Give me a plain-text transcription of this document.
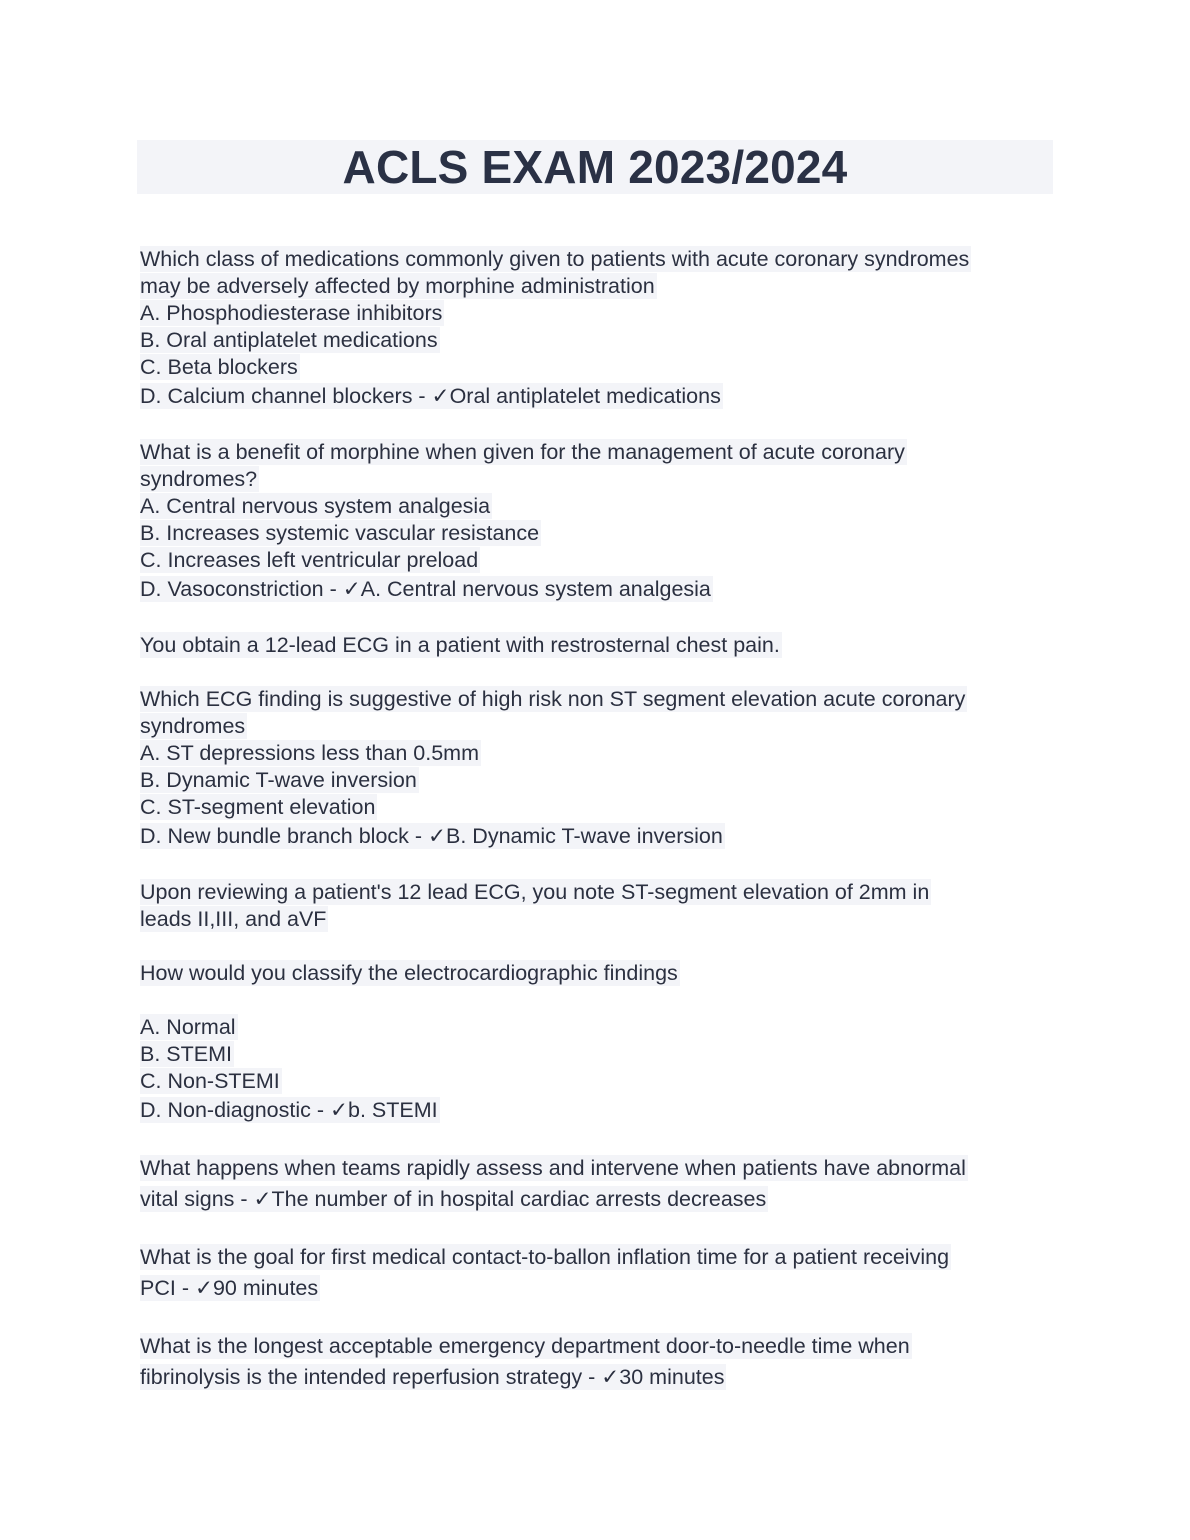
ACLS EXAM 2023/2024
Which class of medications commonly given to patients with acute coronary syndromes
may be adversely affected by morphine administration
A. Phosphodiesterase inhibitors
B. Oral antiplatelet medications
C. Beta blockers
D. Calcium channel blockers - ✓Oral antiplatelet medications
What is a benefit of morphine when given for the management of acute coronary
syndromes?
A. Central nervous system analgesia
B. Increases systemic vascular resistance
C. Increases left ventricular preload
D. Vasoconstriction - ✓A. Central nervous system analgesia
You obtain a 12-lead ECG in a patient with restrosternal chest pain.
Which ECG finding is suggestive of high risk non ST segment elevation acute coronary
syndromes
A. ST depressions less than 0.5mm
B. Dynamic T-wave inversion
C. ST-segment elevation
D. New bundle branch block - ✓B. Dynamic T-wave inversion
Upon reviewing a patient's 12 lead ECG, you note ST-segment elevation of 2mm in
leads II,III, and aVF
How would you classify the electrocardiographic findings
A. Normal
B. STEMI
C. Non-STEMI
D. Non-diagnostic - ✓b. STEMI
What happens when teams rapidly assess and intervene when patients have abnormal
vital signs - ✓The number of in hospital cardiac arrests decreases
What is the goal for first medical contact-to-ballon inflation time for a patient receiving
PCI - ✓90 minutes
What is the longest acceptable emergency department door-to-needle time when
fibrinolysis is the intended reperfusion strategy - ✓30 minutes
